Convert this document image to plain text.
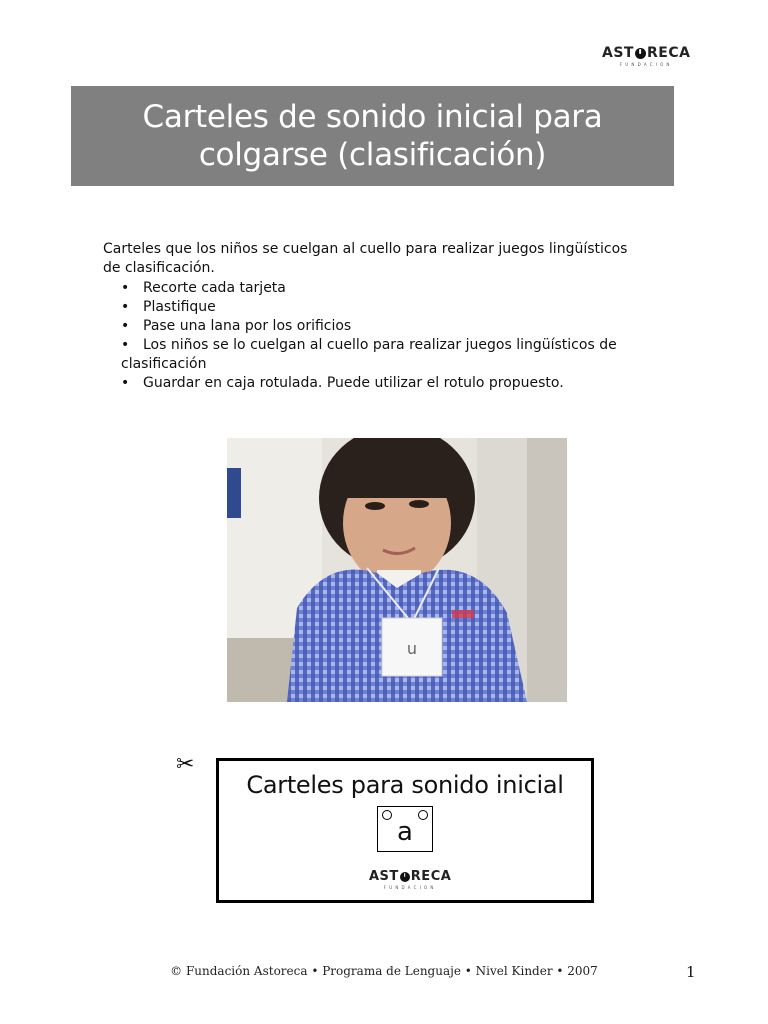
AST RECA
FUNDACION
Carteles de sonido inicial para
colgarse (clasificación)

Carteles que los niños se cuelgan al cuello para realizar juegos lingüísticos de clasificación.

• Recorte cada tarjeta
• Plastifique
• Pase una lana por los orificios
• Los niños se lo cuelgan al cuello para realizar juegos lingüísticos de
clasificación
• Guardar en caja rotulada. Puede utilizar el rotulo propuesto.
u
✂
Carteles para sonido inicial
a
AST RECA
FUNDACION
© Fundación Astoreca • Programa de Lenguaje • Nivel Kinder • 2007	1
